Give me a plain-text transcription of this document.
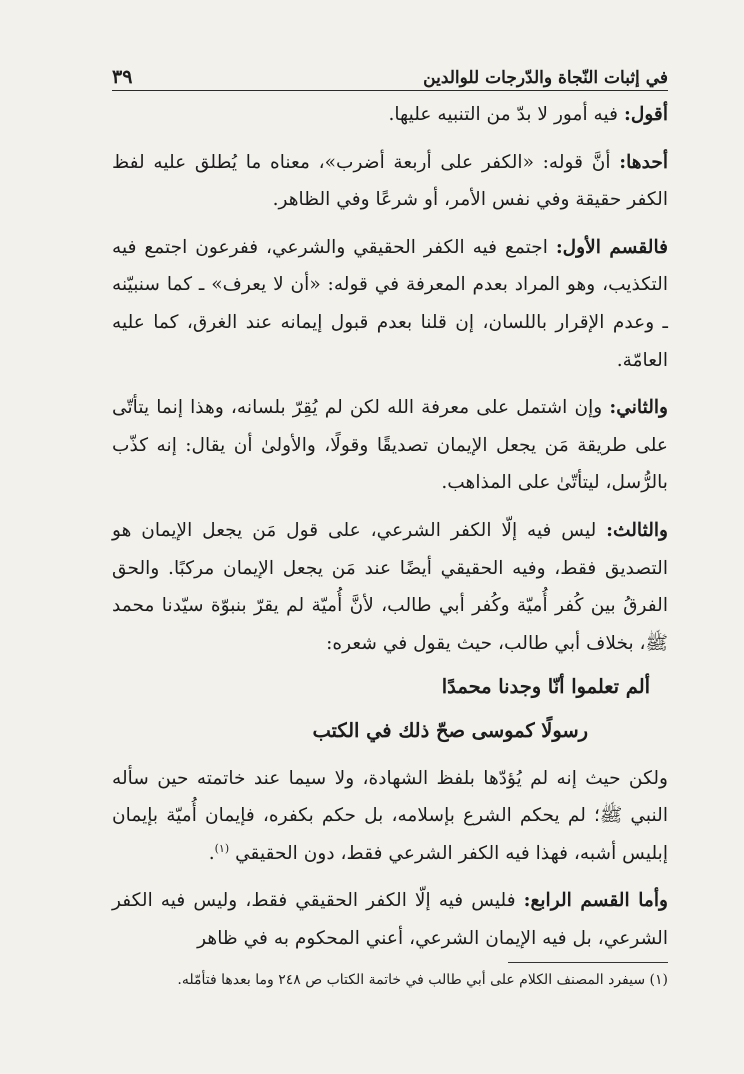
في إثبات النّجاة والدّرجات للوالدين
٣٩

أقول: فيه أمور لا بدّ من التنبيه عليها.

أحدها: أنَّ قوله: «الكفر على أربعة أضرب»، معناه ما يُطلق عليه لفظ الكفر حقيقة وفي نفس الأمر، أو شرعًا وفي الظاهر.

فالقسم الأول: اجتمع فيه الكفر الحقيقي والشرعي، ففرعون اجتمع فيه التكذيب، وهو المراد بعدم المعرفة في قوله: «أن لا يعرف» ـ كما سنبيّنه ـ وعدم الإقرار باللسان، إن قلنا بعدم قبول إيمانه عند الغرق، كما عليه العامّة.

والثاني: وإن اشتمل على معرفة الله لكن لم يُقِرّ بلسانه، وهذا إنما يتأتّى على طريقة مَن يجعل الإيمان تصديقًا وقولًا، والأولىٰ أن يقال: إنه كذّب بالرُّسل، ليتأتّىٰ على المذاهب.

والثالث: ليس فيه إلّا الكفر الشرعي، على قول مَن يجعل الإيمان هو التصديق فقط، وفيه الحقيقي أيضًا عند مَن يجعل الإيمان مركبًا. والحق الفرقُ بين كُفر أُميّة وكُفر أبي طالب، لأنَّ أُميّة لم يقرّ بنبوّة سيّدنا محمد ﷺ، بخلاف أبي طالب، حيث يقول في شعره:

ألم تعلموا أنّا وجدنا محمدًا
رسولًا كموسى صحّ ذلك في الكتب

ولكن حيث إنه لم يُؤدّها بلفظ الشهادة، ولا سيما عند خاتمته حين سأله النبي ﷺ؛ لم يحكم الشرع بإسلامه، بل حكم بكفره، فإيمان أُميّة بإيمان إبليس أشبه، فهذا فيه الكفر الشرعي فقط، دون الحقيقي $^{(١)}$.

وأما القسم الرابع: فليس فيه إلّا الكفر الحقيقي فقط، وليس فيه الكفر الشرعي، بل فيه الإيمان الشرعي، أعني المحكوم به في ظاهر

(١) سيفرد المصنف الكلام على أبي طالب في خاتمة الكتاب ص ٢٤٨ وما بعدها فتأمّله.
